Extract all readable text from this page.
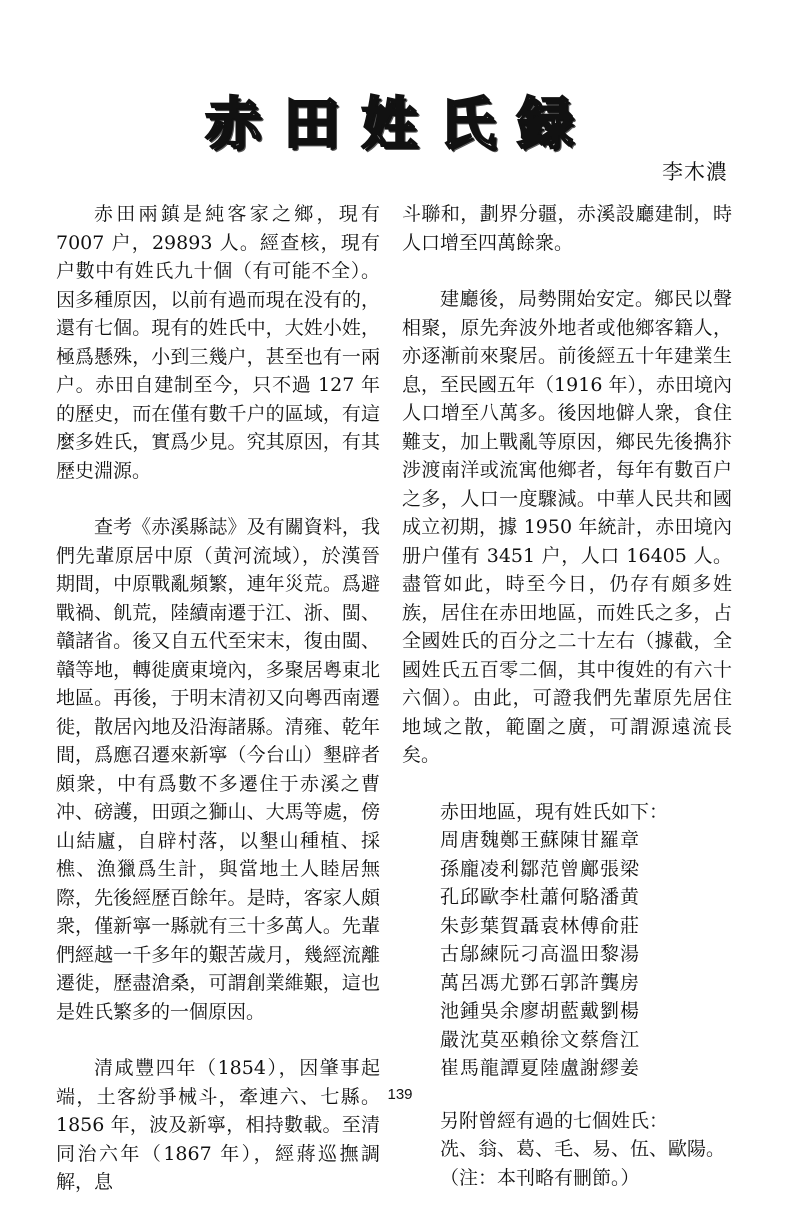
赤田姓氏録
李木濃

赤田兩鎮是純客家之鄉，現有 7007 户，29893 人。經查核，現有户數中有姓氏九十個（有可能不全）。因多種原因，以前有過而現在没有的，還有七個。現有的姓氏中，大姓小姓，極爲懸殊，小到三幾户，甚至也有一兩户。赤田自建制至今，只不過 127 年的歷史，而在僅有數千户的區域，有這麼多姓氏，實爲少見。究其原因，有其歷史淵源。

查考《赤溪縣誌》及有關資料，我們先輩原居中原（黄河流域），於漢晉期間，中原戰亂頻繁，連年災荒。爲避戰禍、飢荒，陸續南遷于江、浙、閩、贛諸省。後又自五代至宋末，復由閩、贛等地，轉徙廣東境內，多聚居粵東北地區。再後，于明末清初又向粵西南遷徙，散居內地及沿海諸縣。清雍、乾年間，爲應召遷來新寧（今台山）墾辟者頗衆，中有爲數不多遷住于赤溪之曹冲、磅護，田頭之獅山、大馬等處，傍山結廬，自辟村落，以墾山種植、採樵、漁獵爲生計，與當地土人睦居無際，先後經歷百餘年。是時，客家人頗衆，僅新寧一縣就有三十多萬人。先輩們經越一千多年的艱苦歲月，幾經流離遷徙，歷盡滄桑，可謂創業維艱，這也是姓氏繁多的一個原因。

清咸豐四年（1854），因肇事起端，土客紛爭械斗，牽連六、七縣。1856 年，波及新寧，相持數載。至清同治六年（1867 年），經蔣巡撫調解，息

斗聯和，劃界分疆，赤溪設廳建制，時人口增至四萬餘衆。

建廳後，局勢開始安定。鄉民以聲相聚，原先奔波外地者或他鄉客籍人，亦逐漸前來聚居。前後經五十年建業生息，至民國五年（1916 年），赤田境內人口增至八萬多。後因地僻人衆，食住難支，加上戰亂等原因，鄉民先後擕犿涉渡南洋或流寓他鄉者，每年有數百户之多，人口一度驟減。中華人民共和國成立初期，據 1950 年統計，赤田境內册户僅有 3451 户，人口 16405 人。盡管如此，時至今日，仍存有頗多姓族，居住在赤田地區，而姓氏之多，占全國姓氏的百分之二十左右（據截，全國姓氏五百零二個，其中復姓的有六十六個）。由此，可證我們先輩原先居住地域之散，範圍之廣，可謂源遠流長矣。

赤田地區，現有姓氏如下：
周唐魏鄭王蘇陳甘羅章
孫龐凌利鄒范曾鄺張梁
孔邱歐李杜蕭何駱潘黄
朱彭葉賀聶袁林傅俞莊
古鄔練阮刁高溫田黎湯
萬呂馮尤鄧石郭許龔房
池鍾吳余廖胡藍戴劉楊
嚴沈莫巫賴徐文蔡詹江
崔馬龍譚夏陸盧謝繆姜
另附曾經有過的七個姓氏：
冼、翁、葛、毛、易、伍、歐陽。
（注：本刊略有刪節。）
139
